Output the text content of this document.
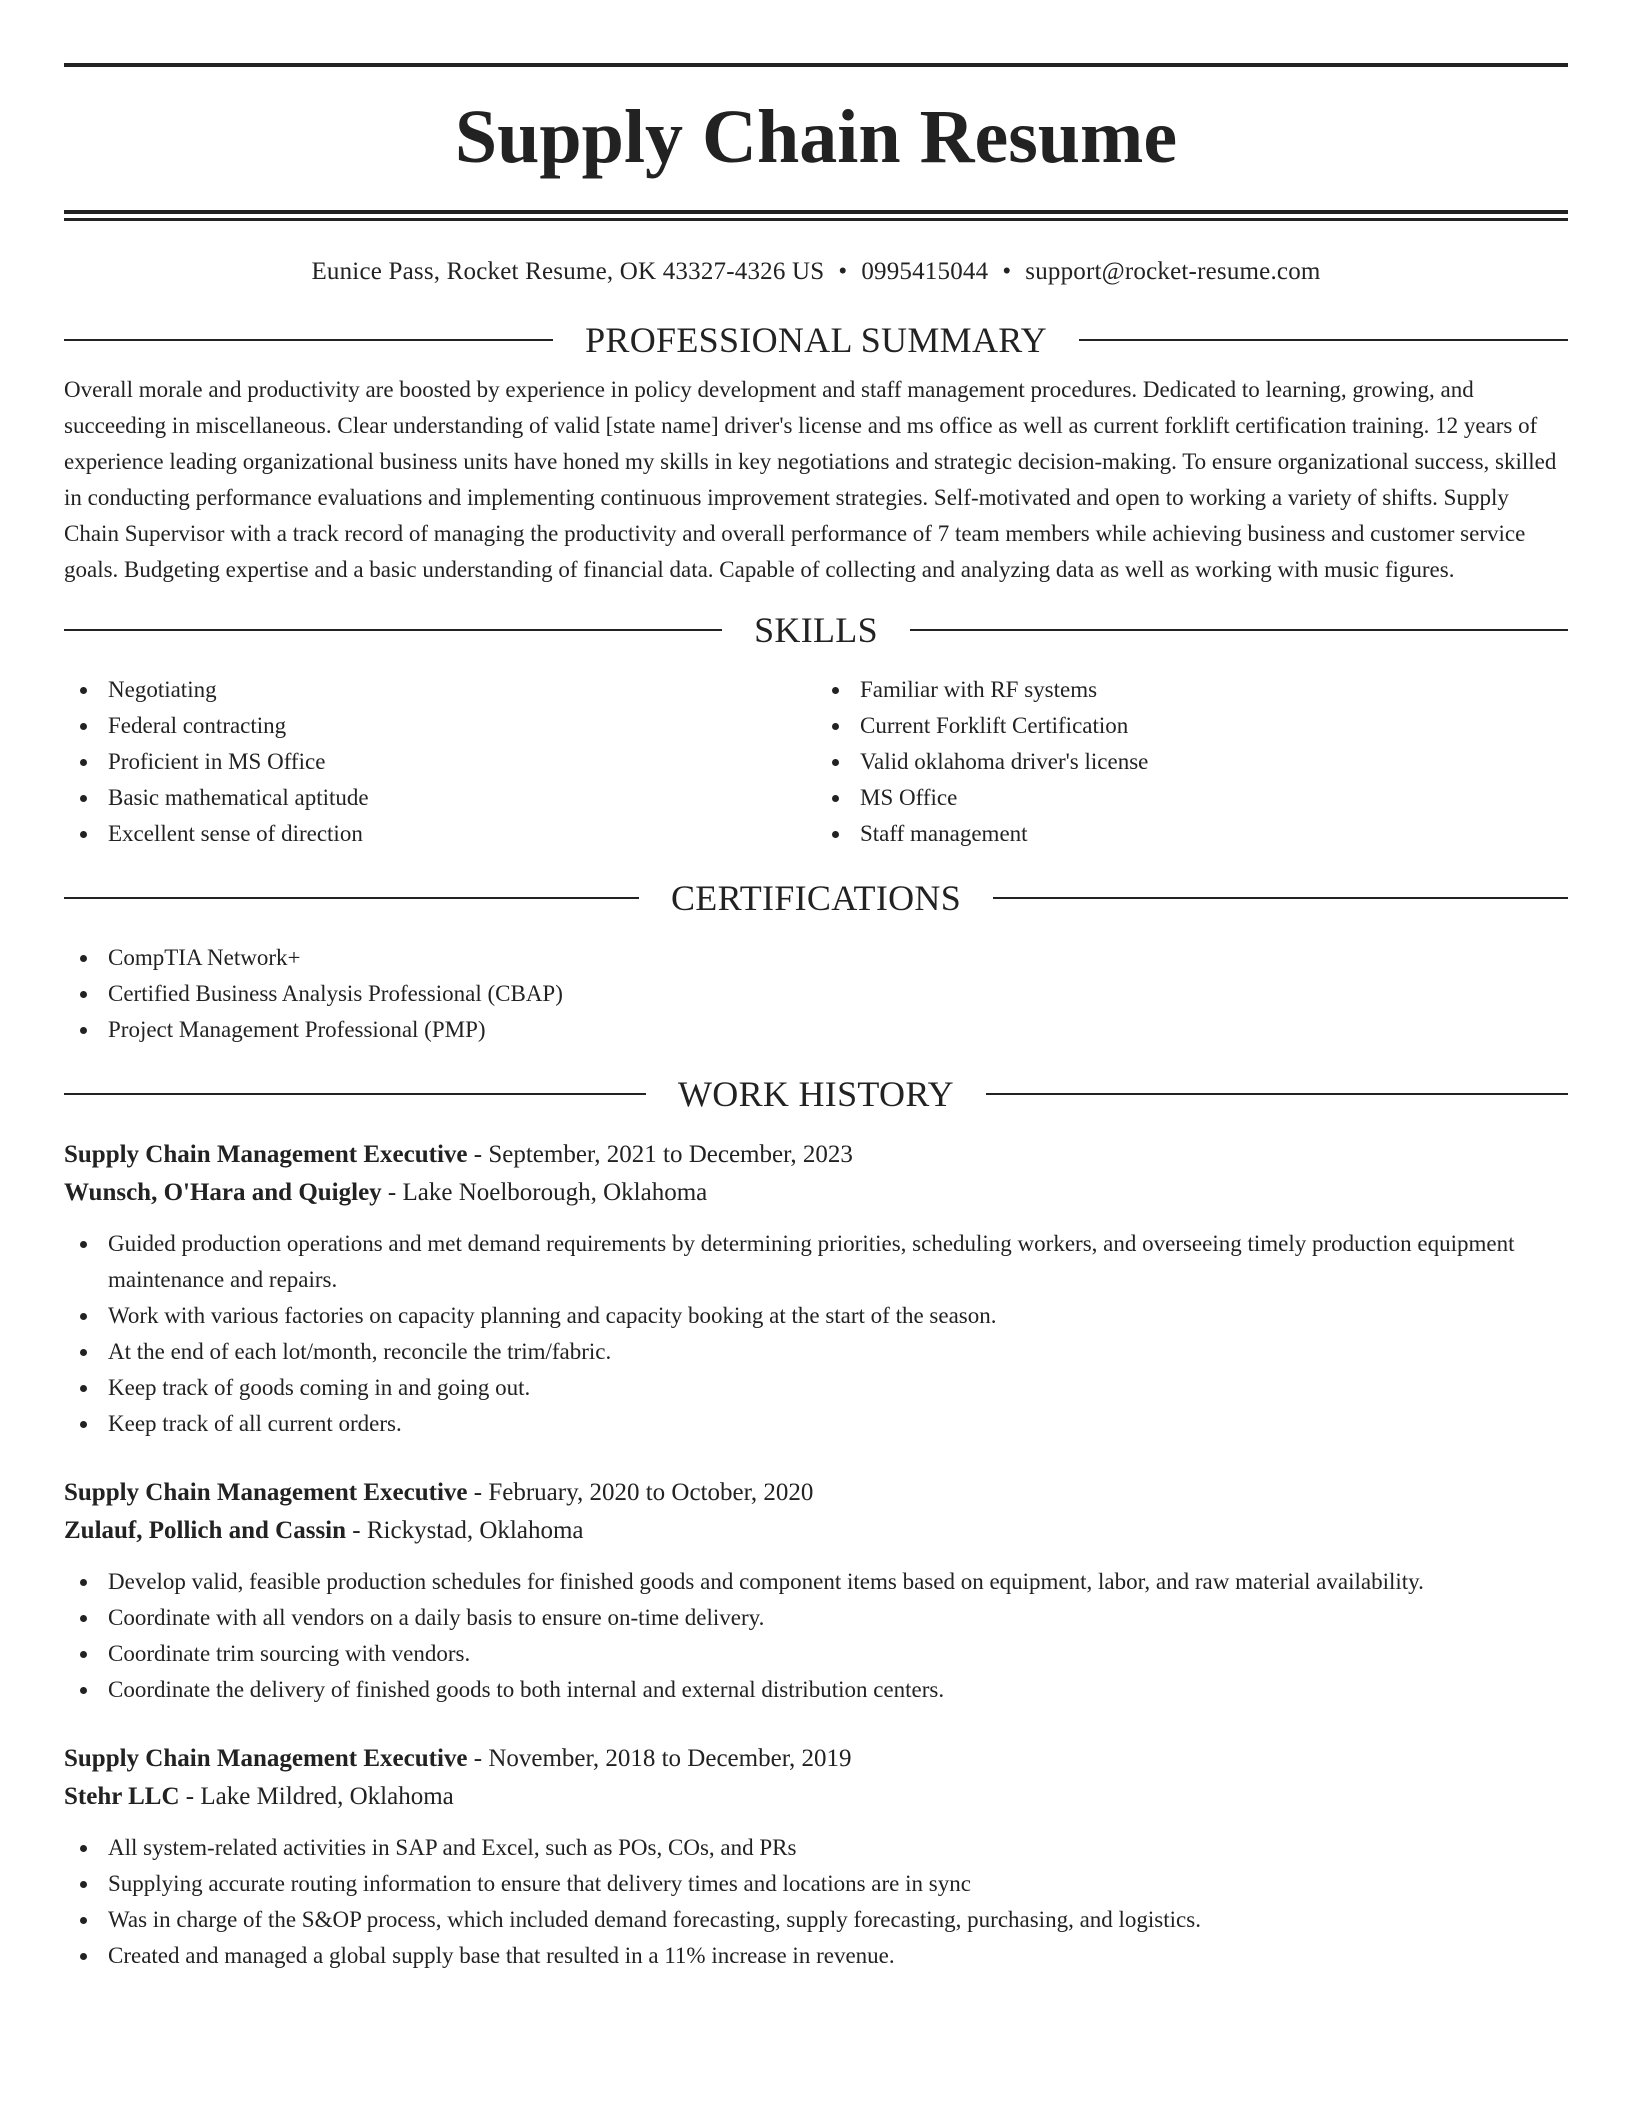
Supply Chain Resume
Eunice Pass, Rocket Resume, OK 43327-4326 US • 0995415044 • support@rocket-resume.com
PROFESSIONAL SUMMARY

Overall morale and productivity are boosted by experience in policy development and staff management procedures. Dedicated to learning, growing, and succeeding in miscellaneous. Clear understanding of valid [state name] driver's license and ms office as well as current forklift certification training. 12 years of experience leading organizational business units have honed my skills in key negotiations and strategic decision-making. To ensure organizational success, skilled in conducting performance evaluations and implementing continuous improvement strategies. Self-motivated and open to working a variety of shifts. Supply Chain Supervisor with a track record of managing the productivity and overall performance of 7 team members while achieving business and customer service goals. Budgeting expertise and a basic understanding of financial data. Capable of collecting and analyzing data as well as working with music figures.

SKILLS
Negotiating
Federal contracting
Proficient in MS Office
Basic mathematical aptitude
Excellent sense of direction
Familiar with RF systems
Current Forklift Certification
Valid oklahoma driver's license
MS Office
Staff management
CERTIFICATIONS
CompTIA Network+
Certified Business Analysis Professional (CBAP)
Project Management Professional (PMP)
WORK HISTORY
Supply Chain Management Executive - September, 2021 to December, 2023
Wunsch, O'Hara and Quigley - Lake Noelborough, Oklahoma
Guided production operations and met demand requirements by determining priorities, scheduling workers, and overseeing timely production equipment maintenance and repairs.
Work with various factories on capacity planning and capacity booking at the start of the season.
At the end of each lot/month, reconcile the trim/fabric.
Keep track of goods coming in and going out.
Keep track of all current orders.
Supply Chain Management Executive - February, 2020 to October, 2020
Zulauf, Pollich and Cassin - Rickystad, Oklahoma
Develop valid, feasible production schedules for finished goods and component items based on equipment, labor, and raw material availability.
Coordinate with all vendors on a daily basis to ensure on-time delivery.
Coordinate trim sourcing with vendors.
Coordinate the delivery of finished goods to both internal and external distribution centers.
Supply Chain Management Executive - November, 2018 to December, 2019
Stehr LLC - Lake Mildred, Oklahoma
All system-related activities in SAP and Excel, such as POs, COs, and PRs
Supplying accurate routing information to ensure that delivery times and locations are in sync
Was in charge of the S&OP process, which included demand forecasting, supply forecasting, purchasing, and logistics.
Created and managed a global supply base that resulted in a 11% increase in revenue.
